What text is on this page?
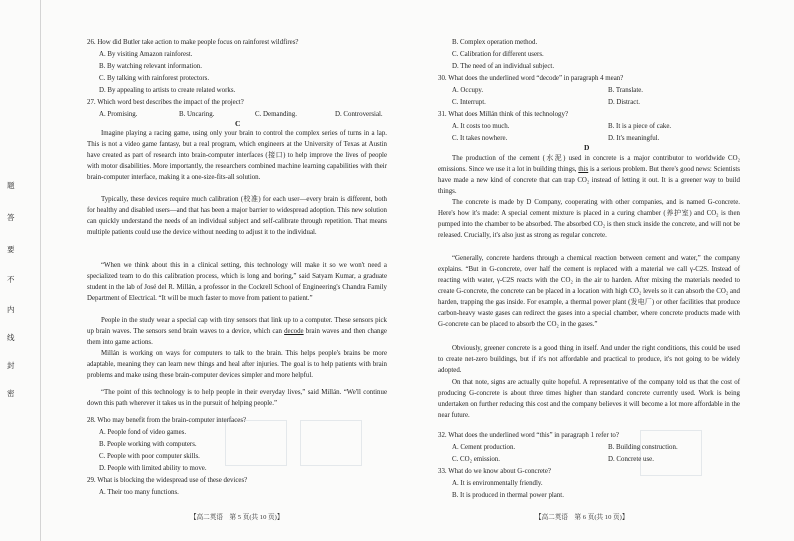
题
答
要
不
内
线
封
密
26. How did Butler take action to make people focus on rainforest wildfires?
A. By visiting Amazon rainforest.
B. By watching relevant information.
C. By talking with rainforest protectors.
D. By appealing to artists to create related works.
27. Which word best describes the impact of the project?
A. Promising.	B. Uncaring.	C. Demanding.	D. Controversial.
C
Imagine playing a racing game, using only your brain to control the complex series of turns in a lap. This is not a video game fantasy, but a real program, which engineers at the University of Texas at Austin have created as part of research into brain-computer interfaces (接口) to help improve the lives of people with motor disabilities. More importantly, the researchers combined machine learning capabilities with their brain-computer interface, making it a one-size-fits-all solution.
Typically, these devices require much calibration (校准) for each user—every brain is different, both for healthy and disabled users—and that has been a major barrier to widespread adoption. This new solution can quickly understand the needs of an individual subject and self-calibrate through repetition. That means multiple patients could use the device without needing to adjust it to the individual.
“When we think about this in a clinical setting, this technology will make it so we won't need a specialized team to do this calibration process, which is long and boring,” said Satyam Kumar, a graduate student in the lab of José del R. Millán, a professor in the Cockrell School of Engineering's Chandra Family Department of Electrical. “It will be much faster to move from patient to patient.”
People in the study wear a special cap with tiny sensors that link up to a computer. These sensors pick up brain waves. The sensors send brain waves to a device, which can decode brain waves and then change them into game actions.
Millán is working on ways for computers to talk to the brain. This helps people's brains be more adaptable, meaning they can learn new things and heal after injuries. The goal is to help patients with brain problems and make using these brain-computer devices simpler and more helpful.
“The point of this technology is to help people in their everyday lives,” said Millán. “We'll continue down this path wherever it takes us in the pursuit of helping people.”
28. Who may benefit from the brain-computer interfaces?
A. People fond of video games.
B. People working with computers.
C. People with poor computer skills.
D. People with limited ability to move.
29. What is blocking the widespread use of these devices?
A. Their too many functions.
【高二英语　第 5 页(共 10 页)】
B. Complex operation method.
C. Calibration for different users.
D. The need of an individual subject.
30. What does the underlined word “decode” in paragraph 4 mean?
A. Occupy.	B. Translate.
C. Interrupt.	D. Distract.
31. What does Millán think of this technology?
A. It costs too much.	B. It is a piece of cake.
C. It takes nowhere.	D. It's meaningful.
D
The production of the cement (水泥) used in concrete is a major contributor to worldwide CO₂ emissions. Since we use it a lot in building things, this is a serious problem. But there's good news: Scientists have made a new kind of concrete that can trap CO₂ instead of letting it out. It is a greener way to build things.
The concrete is made by D Company, cooperating with other companies, and is named G-concrete. Here's how it's made: A special cement mixture is placed in a curing chamber (养护室) and CO₂ is then pumped into the chamber to be absorbed. The absorbed CO₂ is then stuck inside the concrete, and will not be released. Crucially, it's also just as strong as regular concrete.
“Generally, concrete hardens through a chemical reaction between cement and water,” the company explains. “But in G-concrete, over half the cement is replaced with a material we call γ-C2S. Instead of reacting with water, γ-C2S reacts with the CO₂ in the air to harden. After mixing the materials needed to create G-concrete, the concrete can be placed in a location with high CO₂ levels so it can absorb the CO₂ and harden, trapping the gas inside. For example, a thermal power plant (发电厂) or other facilities that produce carbon-heavy waste gases can redirect the gases into a special chamber, where concrete products made with G-concrete can be placed to absorb the CO₂ in the gases.”
Obviously, greener concrete is a good thing in itself. And under the right conditions, this could be used to create net-zero buildings, but if it's not affordable and practical to produce, it's not going to be widely adopted.
On that note, signs are actually quite hopeful. A representative of the company told us that the cost of producing G-concrete is about three times higher than standard concrete currently used. Work is being undertaken on further reducing this cost and the company believes it will become a lot more affordable in the near future.
32. What does the underlined word “this” in paragraph 1 refer to?
A. Cement production.	B. Building construction.
C. CO₂ emission.	D. Concrete use.
33. What do we know about G-concrete?
A. It is environmentally friendly.
B. It is produced in thermal power plant.
【高二英语　第 6 页(共 10 页)】
